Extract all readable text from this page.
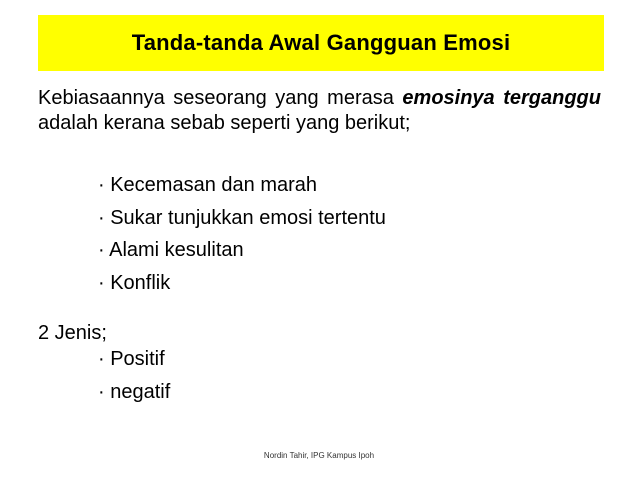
Tanda-tanda Awal Gangguan Emosi

Kebiasaannya seseorang yang merasa emosinya terganggu adalah kerana sebab seperti yang berikut;

· Kecemasan dan marah
· Sukar tunjukkan emosi tertentu
· Alami kesulitan
· Konflik
2 Jenis;
· Positif
· negatif
Nordin Tahir, IPG Kampus Ipoh
